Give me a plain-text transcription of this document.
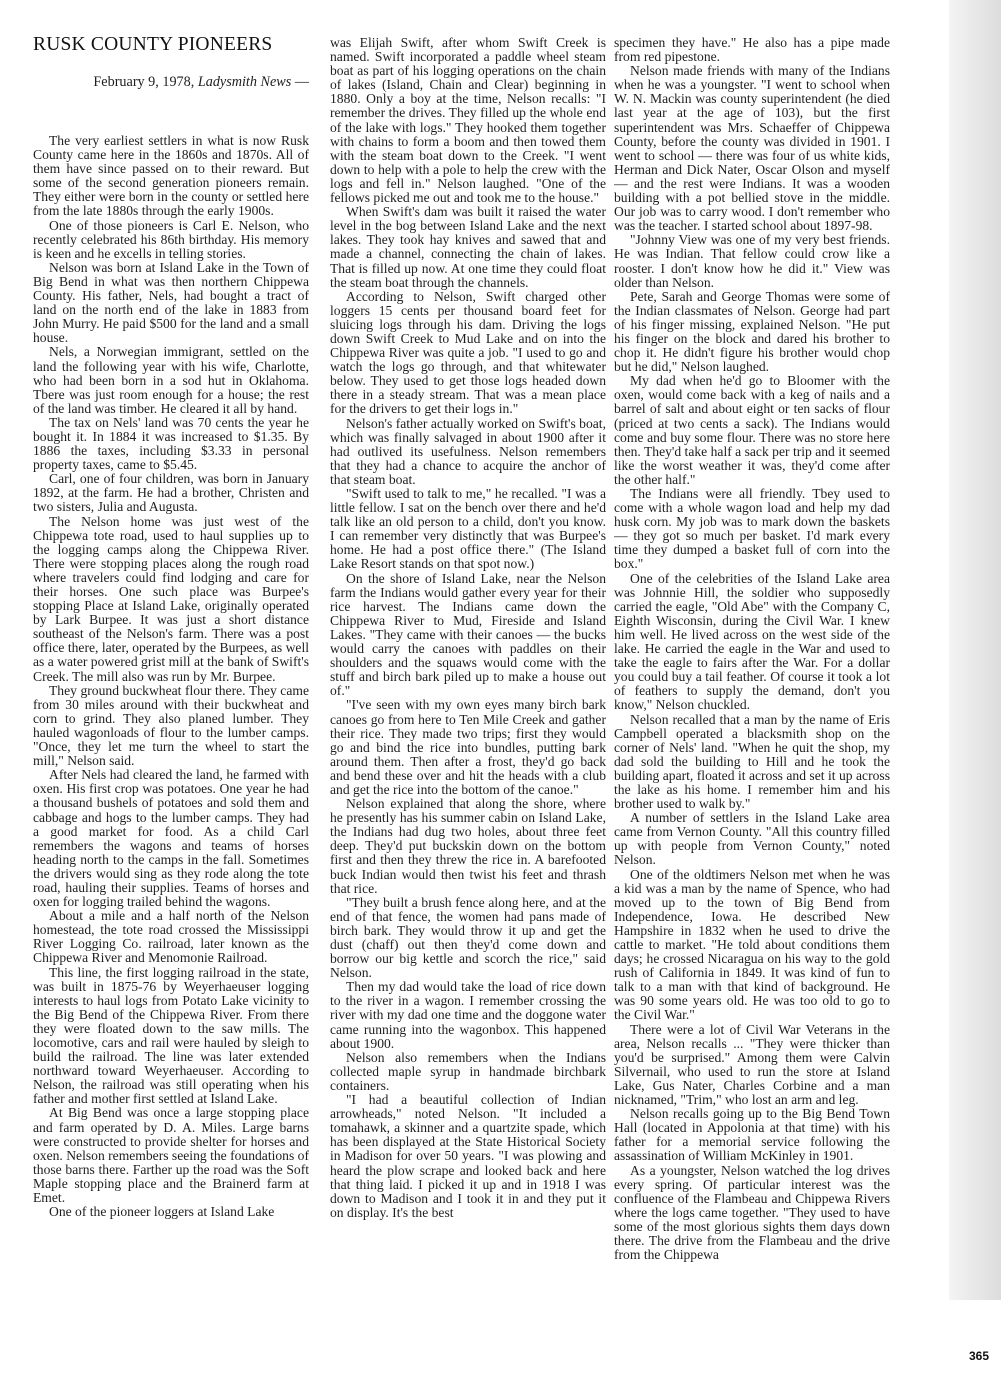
RUSK COUNTY PIONEERS
February 9, 1978, Ladysmith News —

The very earliest settlers in what is now Rusk County came here in the 1860s and 1870s. All of them have since passed on to their reward. But some of the second generation pioneers remain. They either were born in the county or settled here from the late 1880s through the early 1900s.

One of those pioneers is Carl E. Nelson, who recently celebrated his 86th birthday. His memory is keen and he excells in telling stories.

Nelson was born at Island Lake in the Town of Big Bend in what was then northern Chippewa County. His father, Nels, had bought a tract of land on the north end of the lake in 1883 from John Murry. He paid $500 for the land and a small house.

Nels, a Norwegian immigrant, settled on the land the following year with his wife, Charlotte, who had been born in a sod hut in Oklahoma. Tbere was just room enough for a house; the rest of the land was timber. He cleared it all by hand.

The tax on Nels' land was 70 cents the year he bought it. In 1884 it was increased to $1.35. By 1886 the taxes, including $3.33 in personal property taxes, came to $5.45.

Carl, one of four children, was born in January 1892, at the farm. He had a brother, Christen and two sisters, Julia and Augusta.

The Nelson home was just west of the Chippewa tote road, used to haul supplies up to the logging camps along the Chippewa River. There were stopping places along the rough road where travelers could find lodging and care for their horses. One such place was Burpee's stopping Place at Island Lake, originally operated by Lark Burpee. It was just a short distance southeast of the Nelson's farm. There was a post office there, later, operated by the Burpees, as well as a water powered grist mill at the bank of Swift's Creek. The mill also was run by Mr. Burpee.

They ground buckwheat flour there. They came from 30 miles around with their buckwheat and corn to grind. They also planed lumber. They hauled wagonloads of flour to the lumber camps. "Once, they let me turn the wheel to start the mill," Nelson said.

After Nels had cleared the land, he farmed with oxen. His first crop was potatoes. One year he had a thousand bushels of potatoes and sold them and cabbage and hogs to the lumber camps. They had a good market for food. As a child Carl remembers the wagons and teams of horses heading north to the camps in the fall. Sometimes the drivers would sing as they rode along the tote road, hauling their supplies. Teams of horses and oxen for logging trailed behind the wagons.

About a mile and a half north of the Nelson homestead, the tote road crossed the Mississippi River Logging Co. railroad, later known as the Chippewa River and Menomonie Railroad.

This line, the first logging railroad in the state, was built in 1875-76 by Weyerhaeuser logging interests to haul logs from Potato Lake vicinity to the Big Bend of the Chippewa River. From there they were floated down to the saw mills. The locomotive, cars and rail were hauled by sleigh to build the railroad. The line was later extended northward toward Weyerhaeuser. According to Nelson, the railroad was still operating when his father and mother first settled at Island Lake.

At Big Bend was once a large stopping place and farm operated by D. A. Miles. Large barns were constructed to provide shelter for horses and oxen. Nelson remembers seeing the foundations of those barns there. Farther up the road was the Soft Maple stopping place and the Brainerd farm at Emet.

One of the pioneer loggers at Island Lake

was Elijah Swift, after whom Swift Creek is named. Swift incorporated a paddle wheel steam boat as part of his logging operations on the chain of lakes (Island, Chain and Clear) beginning in 1880. Only a boy at the time, Nelson recalls: "I remember the drives. They filled up the whole end of the lake with logs." They hooked them together with chains to form a boom and then towed them with the steam boat down to the Creek. "I went down to help with a pole to help the crew with the logs and fell in." Nelson laughed. "One of the fellows picked me out and took me to the house."

When Swift's dam was built it raised the water level in the bog between Island Lake and the next lakes. They took hay knives and sawed that and made a channel, connecting the chain of lakes. That is filled up now. At one time they could float the steam boat through the channels.

According to Nelson, Swift charged other loggers 15 cents per thousand board feet for sluicing logs through his dam. Driving the logs down Swift Creek to Mud Lake and on into the Chippewa River was quite a job. "I used to go and watch the logs go through, and that whitewater below. They used to get those logs headed down there in a steady stream. That was a mean place for the drivers to get their logs in."

Nelson's father actually worked on Swift's boat, which was finally salvaged in about 1900 after it had outlived its usefulness. Nelson remembers that they had a chance to acquire the anchor of that steam boat.

"Swift used to talk to me," he recalled. "I was a little fellow. I sat on the bench over there and he'd talk like an old person to a child, don't you know. I can remember very distinctly that was Burpee's home. He had a post office there." (The Island Lake Resort stands on that spot now.)

On the shore of Island Lake, near the Nelson farm the Indians would gather every year for their rice harvest. The Indians came down the Chippewa River to Mud, Fireside and Island Lakes. "They came with their canoes — the bucks would carry the canoes with paddles on their shoulders and the squaws would come with the stuff and birch bark piled up to make a house out of."

"I've seen with my own eyes many birch bark canoes go from here to Ten Mile Creek and gather their rice. They made two trips; first they would go and bind the rice into bundles, putting bark around them. Then after a frost, they'd go back and bend these over and hit the heads with a club and get the rice into the bottom of the canoe."

Nelson explained that along the shore, where he presently has his summer cabin on Island Lake, the Indians had dug two holes, about three feet deep. They'd put buckskin down on the bottom first and then they threw the rice in. A barefooted buck Indian would then twist his feet and thrash that rice.

"They built a brush fence along here, and at the end of that fence, the women had pans made of birch bark. They would throw it up and get the dust (chaff) out then they'd come down and borrow our big kettle and scorch the rice," said Nelson.

Then my dad would take the load of rice down to the river in a wagon. I remember crossing the river with my dad one time and the doggone water came running into the wagonbox. This happened about 1900.

Nelson also remembers when the Indians collected maple syrup in handmade birchbark containers.

"I had a beautiful collection of Indian arrowheads," noted Nelson. "It included a tomahawk, a skinner and a quartzite spade, which has been displayed at the State Historical Society in Madison for over 50 years. "I was plowing and heard the plow scrape and looked back and here that thing laid. I picked it up and in 1918 I was down to Madison and I took it in and they put it on display. It's the best

specimen they have." He also has a pipe made from red pipestone.

Nelson made friends with many of the Indians when he was a youngster. "I went to school when W. N. Mackin was county superintendent (he died last year at the age of 103), but the first superintendent was Mrs. Schaeffer of Chippewa County, before the county was divided in 1901. I went to school — there was four of us white kids, Herman and Dick Nater, Oscar Olson and myself — and the rest were Indians. It was a wooden building with a pot bellied stove in the middle. Our job was to carry wood. I don't remember who was the teacher. I started school about 1897-98.

"Johnny View was one of my very best friends. He was Indian. That fellow could crow like a rooster. I don't know how he did it." View was older than Nelson.

Pete, Sarah and George Thomas were some of the Indian classmates of Nelson. George had part of his finger missing, explained Nelson. "He put his finger on the block and dared his brother to chop it. He didn't figure his brother would chop but he did," Nelson laughed.

My dad when he'd go to Bloomer with the oxen, would come back with a keg of nails and a barrel of salt and about eight or ten sacks of flour (priced at two cents a sack). The Indians would come and buy some flour. There was no store here then. They'd take half a sack per trip and it seemed like the worst weather it was, they'd come after the other half."

The Indians were all friendly. Tbey used to come with a whole wagon load and help my dad husk corn. My job was to mark down the baskets — they got so much per basket. I'd mark every time they dumped a basket full of corn into the box."

One of the celebrities of the Island Lake area was Johnnie Hill, the soldier who supposedly carried the eagle, "Old Abe" with the Company C, Eighth Wisconsin, during the Civil War. I knew him well. He lived across on the west side of the lake. He carried the eagle in the War and used to take the eagle to fairs after the War. For a dollar you could buy a tail feather. Of course it took a lot of feathers to supply the demand, don't you know," Nelson chuckled.

Nelson recalled that a man by the name of Eris Campbell operated a blacksmith shop on the corner of Nels' land. "When he quit the shop, my dad sold the building to Hill and he took the building apart, floated it across and set it up across the lake as his home. I remember him and his brother used to walk by."

A number of settlers in the Island Lake area came from Vernon County. "All this country filled up with people from Vernon County," noted Nelson.

One of the oldtimers Nelson met when he was a kid was a man by the name of Spence, who had moved up to the town of Big Bend from Independence, Iowa. He described New Hampshire in 1832 when he used to drive the cattle to market. "He told about conditions them days; he crossed Nicaragua on his way to the gold rush of California in 1849. It was kind of fun to talk to a man with that kind of background. He was 90 some years old. He was too old to go to the Civil War."

There were a lot of Civil War Veterans in the area, Nelson recalls ... "They were thicker than you'd be surprised." Among them were Calvin Silvernail, who used to run the store at Island Lake, Gus Nater, Charles Corbine and a man nicknamed, "Trim," who lost an arm and leg.

Nelson recalls going up to the Big Bend Town Hall (located in Appolonia at that time) with his father for a memorial service following the assassination of William McKinley in 1901.

As a youngster, Nelson watched the log drives every spring. Of particular interest was the confluence of the Flambeau and Chippewa Rivers where the logs came together. "They used to have some of the most glorious sights them days down there. The drive from the Flambeau and the drive from the Chippewa

365
